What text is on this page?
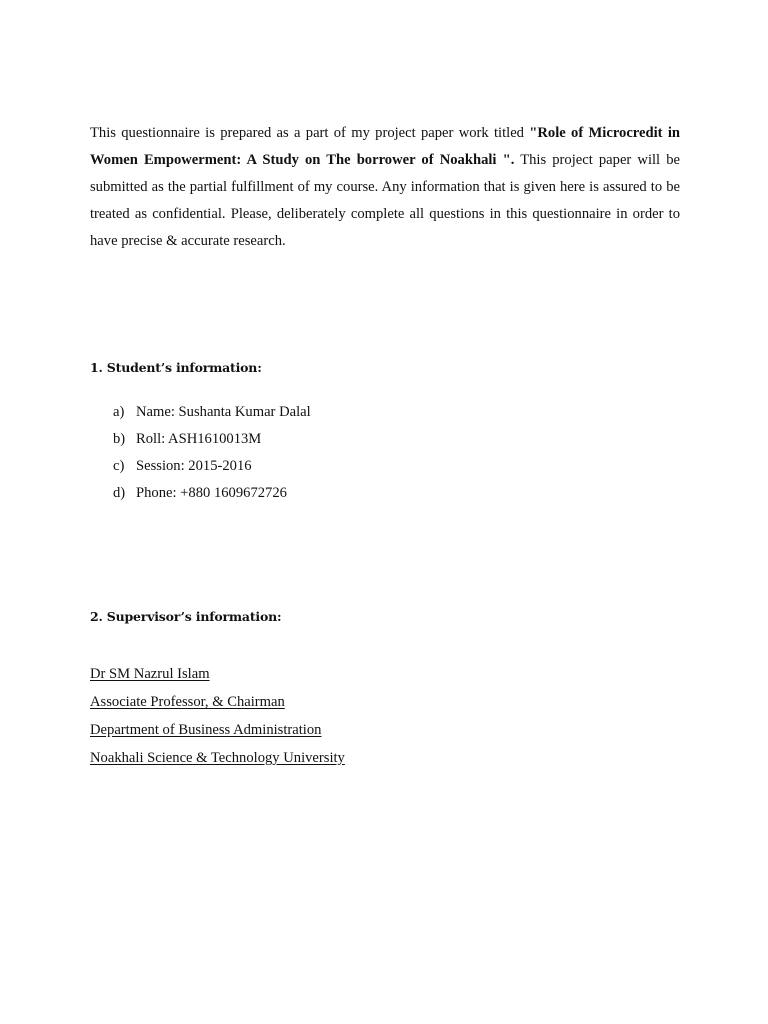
This questionnaire is prepared as a part of my project paper work titled "Role of Microcredit in Women Empowerment: A Study on The borrower of Noakhali ". This project paper will be submitted as the partial fulfillment of my course. Any information that is given here is assured to be treated as confidential. Please, deliberately complete all questions in this questionnaire in order to have precise & accurate research.

1. Student’s information:
a) Name: Sushanta Kumar Dalal
b) Roll: ASH1610013M
c) Session: 2015-2016
d) Phone: +880 1609672726
2. Supervisor’s information:
Dr SM Nazrul Islam
Associate Professor, & Chairman
Department of Business Administration
Noakhali Science & Technology University
